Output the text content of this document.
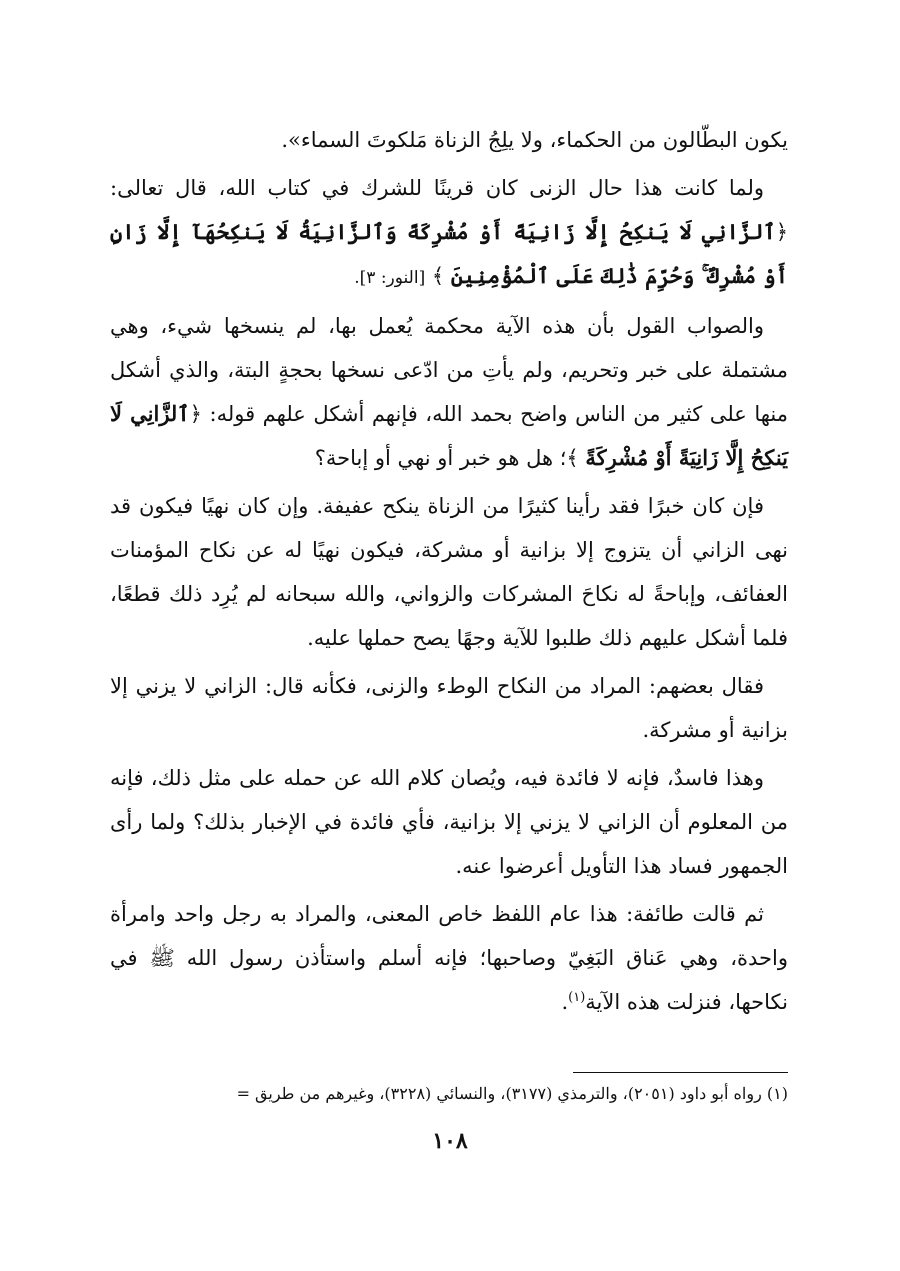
يكون البطّالون من الحكماء، ولا يلِجُ الزناة مَلكوتَ السماء».

ولما كانت هذا حال الزنى كان قرينًا للشرك في كتاب الله، قال تعالى: ﴿ٱلزَّانِي لَا يَنكِحُ إِلَّا زَانِيَةً أَوْ مُشْرِكَةً وَٱلزَّانِيَةُ لَا يَنكِحُهَآ إِلَّا زَانٍ أَوْ مُشْرِكٌ ۚ وَحُرِّمَ ذَٰلِكَ عَلَى ٱلْمُؤْمِنِينَ ﴾ [النور: ٣].

والصواب القول بأن هذه الآية محكمة يُعمل بها، لم ينسخها شيء، وهي مشتملة على خبر وتحريم، ولم يأتِ من ادّعى نسخها بحجةٍ البتة، والذي أشكل منها على كثير من الناس واضح بحمد الله، فإنهم أشكل علهم قوله: ﴿ٱلزَّانِي لَا يَنكِحُ إِلَّا زَانِيَةً أَوْ مُشْرِكَةً ﴾؛ هل هو خبر أو نهي أو إباحة؟

فإن كان خبرًا فقد رأينا كثيرًا من الزناة ينكح عفيفة. وإن كان نهيًا فيكون قد نهى الزاني أن يتزوج إلا بزانية أو مشركة، فيكون نهيًا له عن نكاح المؤمنات العفائف، وإباحةً له نكاحَ المشركات والزواني، والله سبحانه لم يُرِد ذلك قطعًا، فلما أشكل عليهم ذلك طلبوا للآية وجهًا يصح حملها عليه.

فقال بعضهم: المراد من النكاح الوطء والزنى، فكأنه قال: الزاني لا يزني إلا بزانية أو مشركة.

وهذا فاسدٌ، فإنه لا فائدة فيه، ويُصان كلام الله عن حمله على مثل ذلك، فإنه من المعلوم أن الزاني لا يزني إلا بزانية، فأي فائدة في الإخبار بذلك؟ ولما رأى الجمهور فساد هذا التأويل أعرضوا عنه.

ثم قالت طائفة: هذا عام اللفظ خاص المعنى، والمراد به رجل واحد وامرأة واحدة، وهي عَناق البَغِيّ وصاحبها؛ فإنه أسلم واستأذن رسول الله ﷺ في نكاحها، فنزلت هذه الآية$^{(١)}$.

(١) رواه أبو داود (٢٠٥١)، والترمذي (٣١٧٧)، والنسائي (٣٢٢٨)، وغيرهم من طريق =
١٠٨
